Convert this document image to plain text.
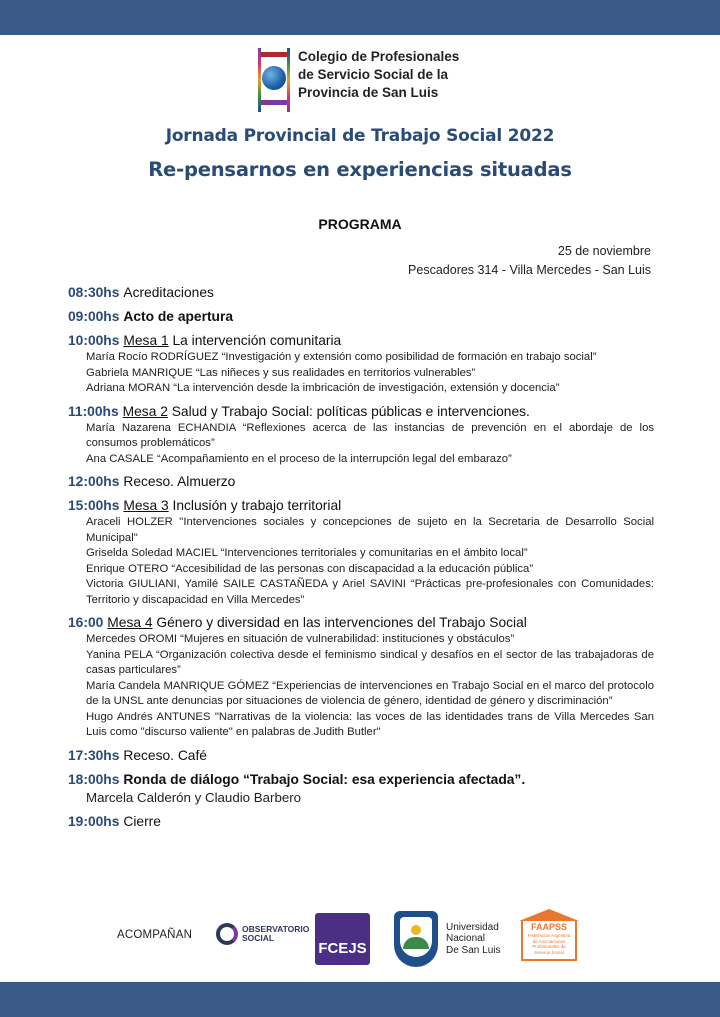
Colegio de Profesionales
de Servicio Social de la
Provincia de San Luis
Jornada Provincial de Trabajo Social 2022
Re-pensarnos en experiencias situadas
PROGRAMA
25 de noviembre
Pescadores 314 - Villa Mercedes - San Luis
08:30hs Acreditaciones
09:00hs Acto de apertura
10:00hs Mesa 1 La intervención comunitaria
María Rocío RODRÍGUEZ “Investigación y extensión como posibilidad de formación en trabajo social”
Gabriela MANRIQUE “Las niñeces y sus realidades en territorios vulnerables”
Adriana MORAN “La intervención desde la imbricación de investigación, extensión y docencia”
11:00hs Mesa 2 Salud y Trabajo Social: políticas públicas e intervenciones.
María Nazarena ECHANDIA “Reflexiones acerca de las instancias de prevención en el abordaje de los consumos problemáticos”
Ana CASALE “Acompañamiento en el proceso de la interrupción legal del embarazo”
12:00hs Receso. Almuerzo
15:00hs Mesa 3 Inclusión y trabajo territorial
Araceli HOLZER "Intervenciones sociales y concepciones de sujeto en la Secretaria de Desarrollo Social Municipal"
Griselda Soledad MACIEL “Intervenciones territoriales y comunitarias en el ámbito local”
Enrique OTERO “Accesibilidad de las personas con discapacidad a la educación pública”
Victoria GIULIANI, Yamilé SAILE CASTAÑEDA y Ariel SAVINI “Prácticas pre-profesionales con Comunidades: Territorio y discapacidad en Villa Mercedes”
16:00 Mesa 4 Género y diversidad en las intervenciones del Trabajo Social
Mercedes OROMI “Mujeres en situación de vulnerabilidad: instituciones y obstáculos”
Yanina PELA “Organización colectiva desde el feminismo sindical y desafíos en el sector de las trabajadoras de casas particulares”
María Candela MANRIQUE GÓMEZ “Experiencias de intervenciones en Trabajo Social en el marco del protocolo de la UNSL ante denuncias por situaciones de violencia de género, identidad de género y discriminación”
Hugo Andrés ANTUNES "Narrativas de la violencia: las voces de las identidades trans de Villa Mercedes San Luis como "discurso valiente" en palabras de Judith Butler"
17:30hs Receso. Café
18:00hs Ronda de diálogo “Trabajo Social: esa experiencia afectada”.
Marcela Calderón y Claudio Barbero
19:00hs Cierre
ACOMPAÑAN	OBSERVATORIO
SOCIAL
FCEJS
Universidad
Nacional
De San Luis
FAAPSS
Federación Argentina de Asociaciones Profesionales de Servicio Social
